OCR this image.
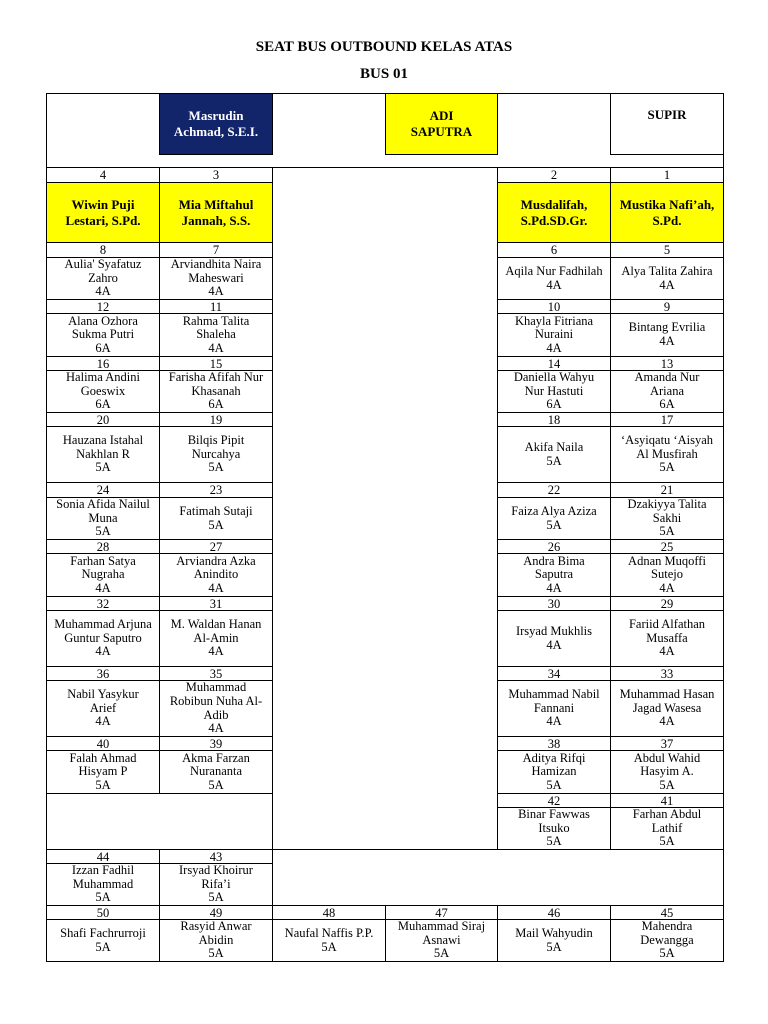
SEAT BUS OUTBOUND KELAS ATAS
BUS 01
Masrudin Achmad, S.E.I.
ADI SAPUTRA
SUPIR
4
Wiwin Puji Lestari, S.Pd.
3
Mia Miftahul Jannah, S.S.
2
Musdalifah, S.Pd.SD.Gr.
1
Mustika Nafi’ah, S.Pd.
8
Aulia' Syafatuz Zahro
4A
7
Arviandhita Naira Maheswari
4A
6
Aqila Nur Fadhilah
4A
5
Alya Talita Zahira
4A
12
Alana Ozhora Sukma Putri
6A
11
Rahma Talita Shaleha
4A
10
Khayla Fitriana Nuraini
4A
9
Bintang Evrilia
4A
16
Halima Andini Goeswix
6A
15
Farisha Afifah Nur Khasanah
6A
14
Daniella Wahyu Nur Hastuti
6A
13
Amanda Nur Ariana
6A
20
Hauzana Istahal Nakhlan R
5A
19
Bilqis Pipit Nurcahya
5A
18
Akifa Naila
5A
17
‘Asyiqatu ‘Aisyah Al Musfirah
5A
24
Sonia Afida Nailul Muna
5A
23
Fatimah Sutaji
5A
22
Faiza Alya Aziza
5A
21
Dzakiyya Talita Sakhi
5A
28
Farhan Satya Nugraha
4A
27
Arviandra Azka Anindito
4A
26
Andra Bima Saputra
4A
25
Adnan Muqoffi Sutejo
4A
32
Muhammad Arjuna Guntur Saputro
4A
31
M. Waldan Hanan Al-Amin
4A
30
Irsyad Mukhlis
4A
29
Fariid Alfathan Musaffa
4A
36
Nabil Yasykur Arief
4A
35
Muhammad Robibun Nuha Al-Adib
4A
34
Muhammad Nabil Fannani
4A
33
Muhammad Hasan Jagad Wasesa
4A
40
Falah Ahmad Hisyam P
5A
39
Akma Farzan Nurananta
5A
38
Aditya Rifqi Hamizan
5A
37
Abdul Wahid Hasyim A.
5A
42
Binar Fawwas Itsuko
5A
41
Farhan Abdul Lathif
5A
44
Izzan Fadhil Muhammad
5A
43
Irsyad Khoirur Rifa’i
5A
50
Shafi Fachrurroji
5A
49
Rasyid Anwar Abidin
5A
48
Naufal Naffis P.P.
5A
47
Muhammad Siraj Asnawi
5A
46
Mail Wahyudin
5A
45
Mahendra Dewangga
5A
